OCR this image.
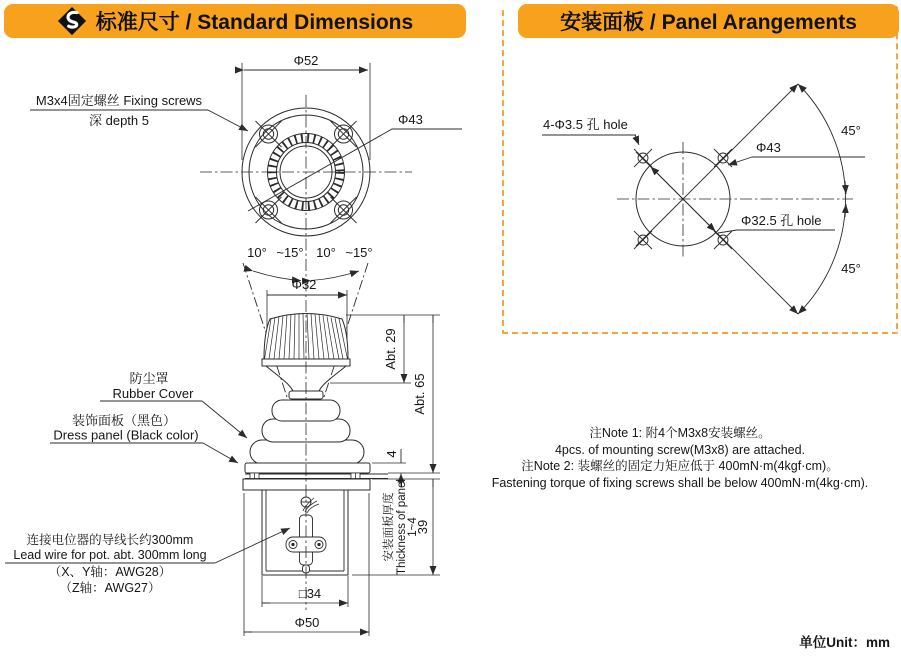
标准尺寸 / Standard Dimensions	安装面板 / Panel Arangements
Φ52
Φ43
M3x4固定螺丝 Fixing screws
深 depth 5
10° ~15° 10° ~15°
Φ32
防尘罩
Rubber Cover
装饰面板（黑色）
Dress panel (Black color)
连接电位器的导线长约300mm
Lead wire for pot. abt. 300mm long
（X、Y轴：AWG28）
（Z轴：AWG27）
Abt. 29
Abt. 65
4
39
安装面板厚度 Thickness of panel 1~4
□34
Φ50
4-Φ3.5 孔 hole
Φ43
Φ32.5 孔 hole
45°
45°
注Note 1: 附4个M3x8安装螺丝。
4pcs. of mounting screw(M3x8) are attached.
注Note 2: 装螺丝的固定力矩应低于 400mN·m(4kgf·cm)。
Fastening torque of fixing screws shall be below 400mN·m(4kg·cm).
单位Unit：mm
